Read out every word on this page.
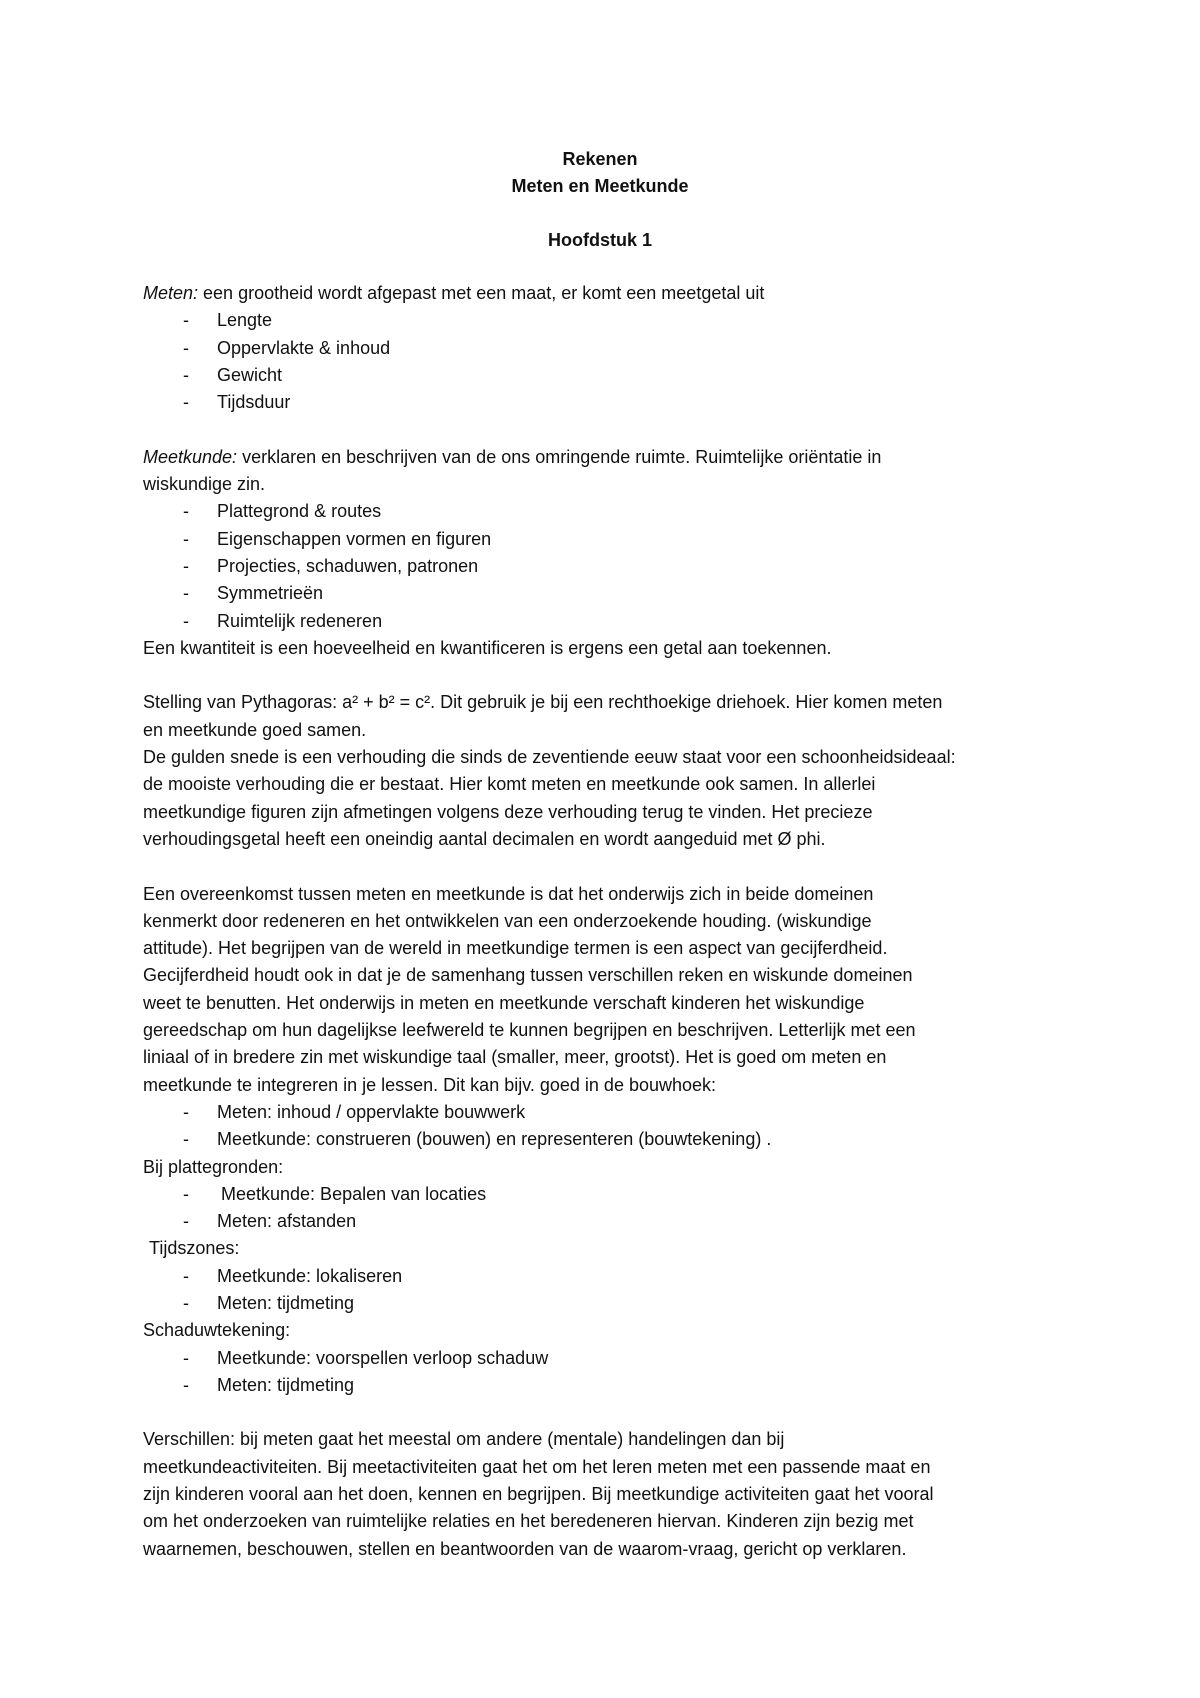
Rekenen
Meten en Meetkunde
Hoofdstuk 1

Meten: een grootheid wordt afgepast met een maat, er komt een meetgetal uit

- Lengte

- Oppervlakte & inhoud

- Gewicht

- Tijdsduur

Meetkunde: verklaren en beschrijven van de ons omringende ruimte. Ruimtelijke oriëntatie in

wiskundige zin.

- Plattegrond & routes

- Eigenschappen vormen en figuren

- Projecties, schaduwen, patronen

- Symmetrieën

- Ruimtelijk redeneren

Een kwantiteit is een hoeveelheid en kwantificeren is ergens een getal aan toekennen.

Stelling van Pythagoras: a² + b² = c². Dit gebruik je bij een rechthoekige driehoek. Hier komen meten

en meetkunde goed samen.

De gulden snede is een verhouding die sinds de zeventiende eeuw staat voor een schoonheidsideaal:

de mooiste verhouding die er bestaat. Hier komt meten en meetkunde ook samen. In allerlei

meetkundige figuren zijn afmetingen volgens deze verhouding terug te vinden. Het precieze

verhoudingsgetal heeft een oneindig aantal decimalen en wordt aangeduid met Ø phi.

Een overeenkomst tussen meten en meetkunde is dat het onderwijs zich in beide domeinen

kenmerkt door redeneren en het ontwikkelen van een onderzoekende houding. (wiskundige

attitude). Het begrijpen van de wereld in meetkundige termen is een aspect van gecijferdheid.

Gecijferdheid houdt ook in dat je de samenhang tussen verschillen reken en wiskunde domeinen

weet te benutten. Het onderwijs in meten en meetkunde verschaft kinderen het wiskundige

gereedschap om hun dagelijkse leefwereld te kunnen begrijpen en beschrijven. Letterlijk met een

liniaal of in bredere zin met wiskundige taal (smaller, meer, grootst). Het is goed om meten en

meetkunde te integreren in je lessen. Dit kan bijv. goed in de bouwhoek:

- Meten: inhoud / oppervlakte bouwwerk

- Meetkunde: construeren (bouwen) en representeren (bouwtekening) .

Bij plattegronden:

- Meetkunde: Bepalen van locaties

- Meten: afstanden

Tijdszones:

- Meetkunde: lokaliseren

- Meten: tijdmeting

Schaduwtekening:

- Meetkunde: voorspellen verloop schaduw

- Meten: tijdmeting

Verschillen: bij meten gaat het meestal om andere (mentale) handelingen dan bij

meetkundeactiviteiten. Bij meetactiviteiten gaat het om het leren meten met een passende maat en

zijn kinderen vooral aan het doen, kennen en begrijpen. Bij meetkundige activiteiten gaat het vooral

om het onderzoeken van ruimtelijke relaties en het beredeneren hiervan. Kinderen zijn bezig met

waarnemen, beschouwen, stellen en beantwoorden van de waarom-vraag, gericht op verklaren.
